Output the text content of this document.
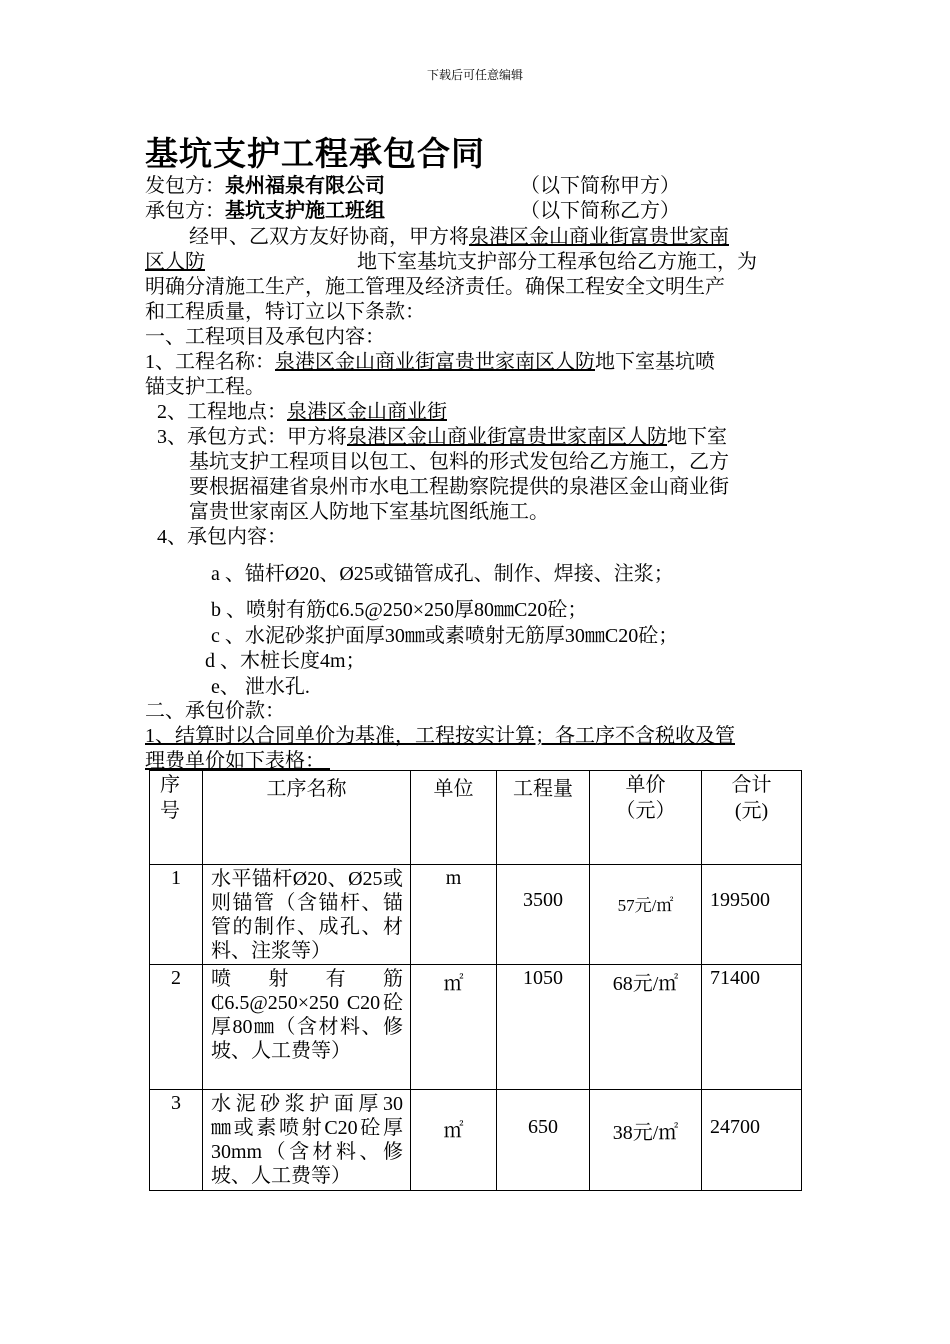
下载后可任意编辑
基坑支护工程承包合同
发包方：泉州福泉有限公司	（以下简称甲方）
承包方：基坑支护施工班组	（以下简称乙方）
经甲、乙双方友好协商，甲方将泉港区金山商业街富贵世家南
区人防	地下室基坑支护部分工程承包给乙方施工，为
明确分清施工生产，施工管理及经济责任。确保工程安全文明生产
和工程质量，特订立以下条款：
一、工程项目及承包内容：
1、工程名称：泉港区金山商业街富贵世家南区人防地下室基坑喷
锚支护工程。
2、工程地点：泉港区金山商业街
3、承包方式：甲方将泉港区金山商业街富贵世家南区人防地下室
基坑支护工程项目以包工、包料的形式发包给乙方施工，乙方
要根据福建省泉州市水电工程勘察院提供的泉港区金山商业街
富贵世家南区人防地下室基坑图纸施工。
4、承包内容：
a 、锚杆Ø20、Ø25或锚管成孔、制作、焊接、注浆；
b 、喷射有筋₵6.5@250×250厚80㎜C20砼；
c 、水泥砂浆护面厚30㎜或素喷射无筋厚30㎜C20砼；
d 、木桩长度4m；
e、 泄水孔.
二、承包价款：
1、结算时以合同单价为基准，工程按实计算；各工序不含税收及管
理费单价如下表格：
序号	工序名称	单位	工程量	单价（元）	合计(元)
1	水平锚杆Ø20、Ø25或则锚管（含锚杆、锚管的制作、成孔、材料、注浆等）	m	3500	57元/㎡	199500
2	喷射有筋₵6.5@250×250 C20砼厚80㎜（含材料、修坡、人工费等）	㎡	1050	68元/㎡	71400
3	水泥砂浆护面厚30㎜或素喷射C20砼厚30mm（含材料、修坡、人工费等）	㎡	650	38元/㎡	24700
